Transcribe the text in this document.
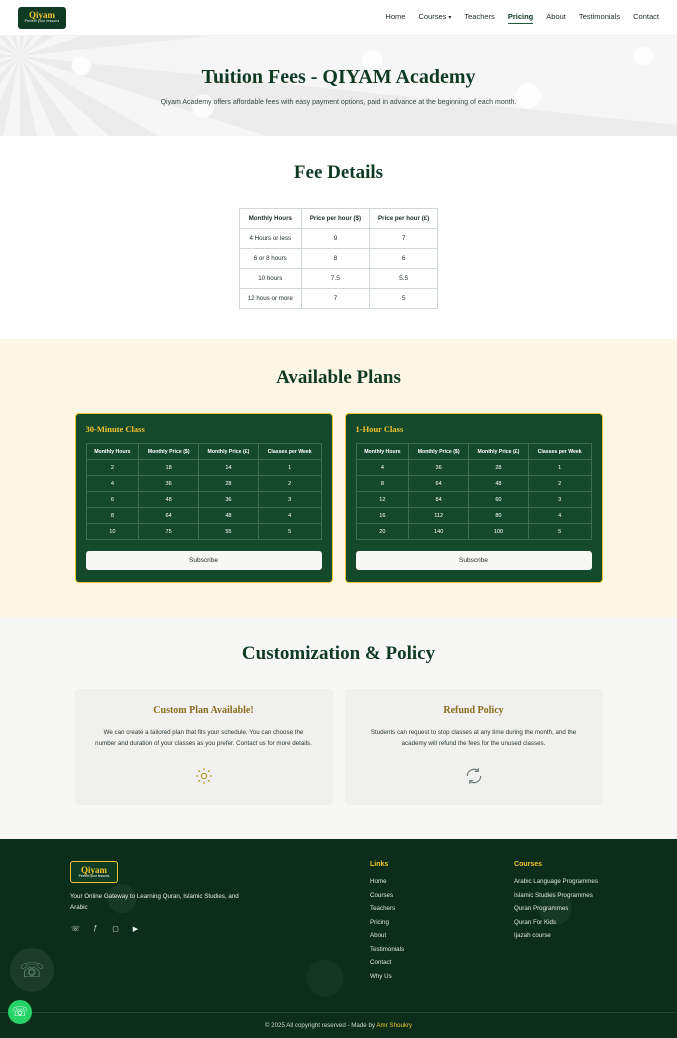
Qiyam
Perfect your lessons
Home Courses ▾ Teachers Pricing About Testimonials Contact
Tuition Fees - QIYAM Academy

Qiyam Academy offers affordable fees with easy payment options, paid in advance at the beginning of each month.

Fee Details
Monthly Hours	Price per hour ($)	Price per hour (£)
4 Hours or less	9	7
6 or 8 hours	8	6
10 hours	7.5	5.5
12 hous or more	7	5
Available Plans
30-Minute Class
Monthly Hours	Monthly Price ($)	Monthly Price (£)	Classes per Week
2	18	14	1
4	36	28	2
6	48	36	3
8	64	48	4
10	75	55	5
Subscribe
1-Hour Class
Monthly Hours	Monthly Price ($)	Monthly Price (£)	Classes per Week
4	36	28	1
8	64	48	2
12	84	60	3
16	112	80	4
20	140	100	5
Subscribe
Customization & Policy
Custom Plan Available!

We can create a tailored plan that fits your schedule. You can choose the number and duration of your classes as you prefer. Contact us for more details.

Refund Policy

Students can request to stop classes at any time during the month, and the academy will refund the fees for the unused classes.

Qiyam
Perfect your lessons
Your Online Gateway to Learning Quran, Islamic Studies, and Arabic
☏	ƒ	▢	▶
Links
Home
Courses
Teachers
Pricing
About
Testimonials
Contact
Why Us
Courses
Arabic Language Programmes
Islamic Studies Programmes
Quran Programmes
Quran For Kids
Ijazah course
© 2025 All copyright reserved - Made by Amr Shoukry
☏
☏
